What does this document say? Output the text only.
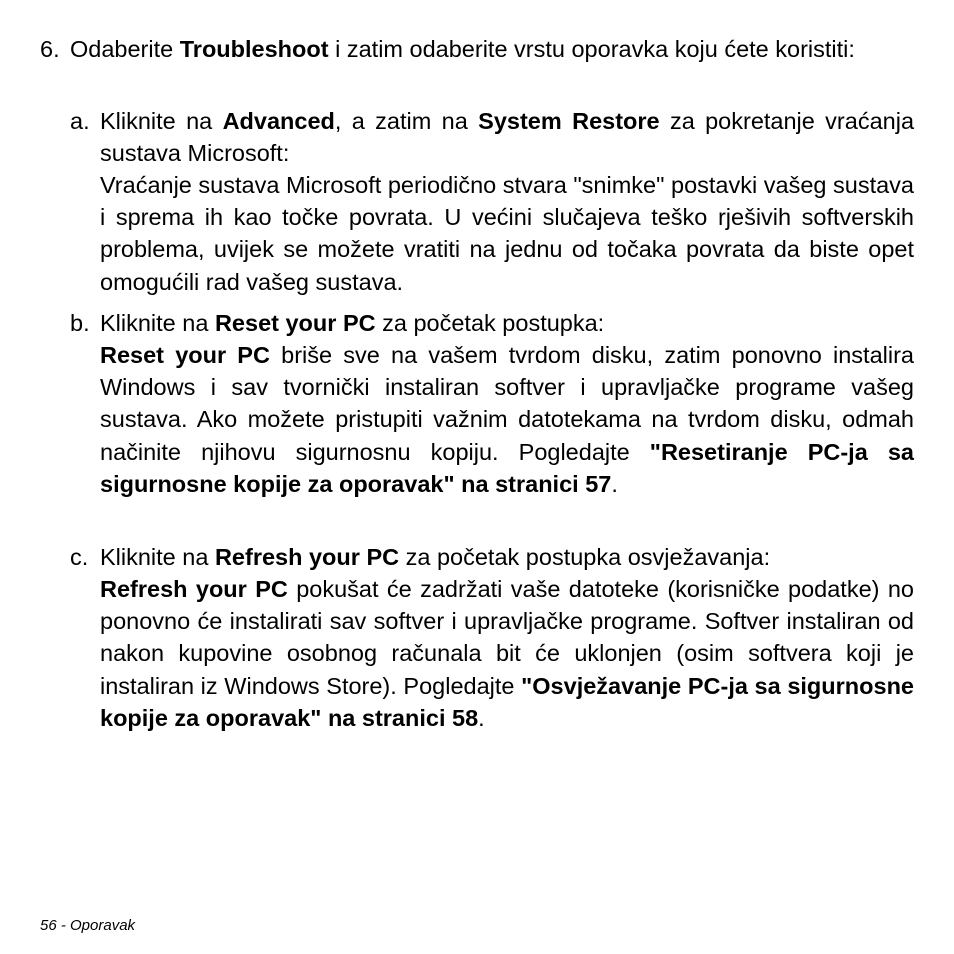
6. Odaberite Troubleshoot i zatim odaberite vrstu oporavka koju ćete koristiti:
a. Kliknite na Advanced, a zatim na System Restore za pokretanje vraćanja sustava Microsoft:
Vraćanje sustava Microsoft periodično stvara "snimke" postavki vašeg sustava i sprema ih kao točke povrata. U većini slučajeva teško rješivih softverskih problema, uvijek se možete vratiti na jednu od točaka povrata da biste opet omogućili rad vašeg sustava.
b. Kliknite na Reset your PC za početak postupka:
Reset your PC briše sve na vašem tvrdom disku, zatim ponovno instalira Windows i sav tvornički instaliran softver i upravljačke programe vašeg sustava. Ako možete pristupiti važnim datotekama na tvrdom disku, odmah načinite njihovu sigurnosnu kopiju. Pogledajte "Resetiranje PC-ja sa sigurnosne kopije za oporavak" na stranici 57.
c. Kliknite na Refresh your PC za početak postupka osvježavanja:
Refresh your PC pokušat će zadržati vaše datoteke (korisničke podatke) no ponovno će instalirati sav softver i upravljačke programe. Softver instaliran od nakon kupovine osobnog računala bit će uklonjen (osim softvera koji je instaliran iz Windows Store). Pogledajte "Osvježavanje PC-ja sa sigurnosne kopije za oporavak" na stranici 58.
56 - Oporavak
